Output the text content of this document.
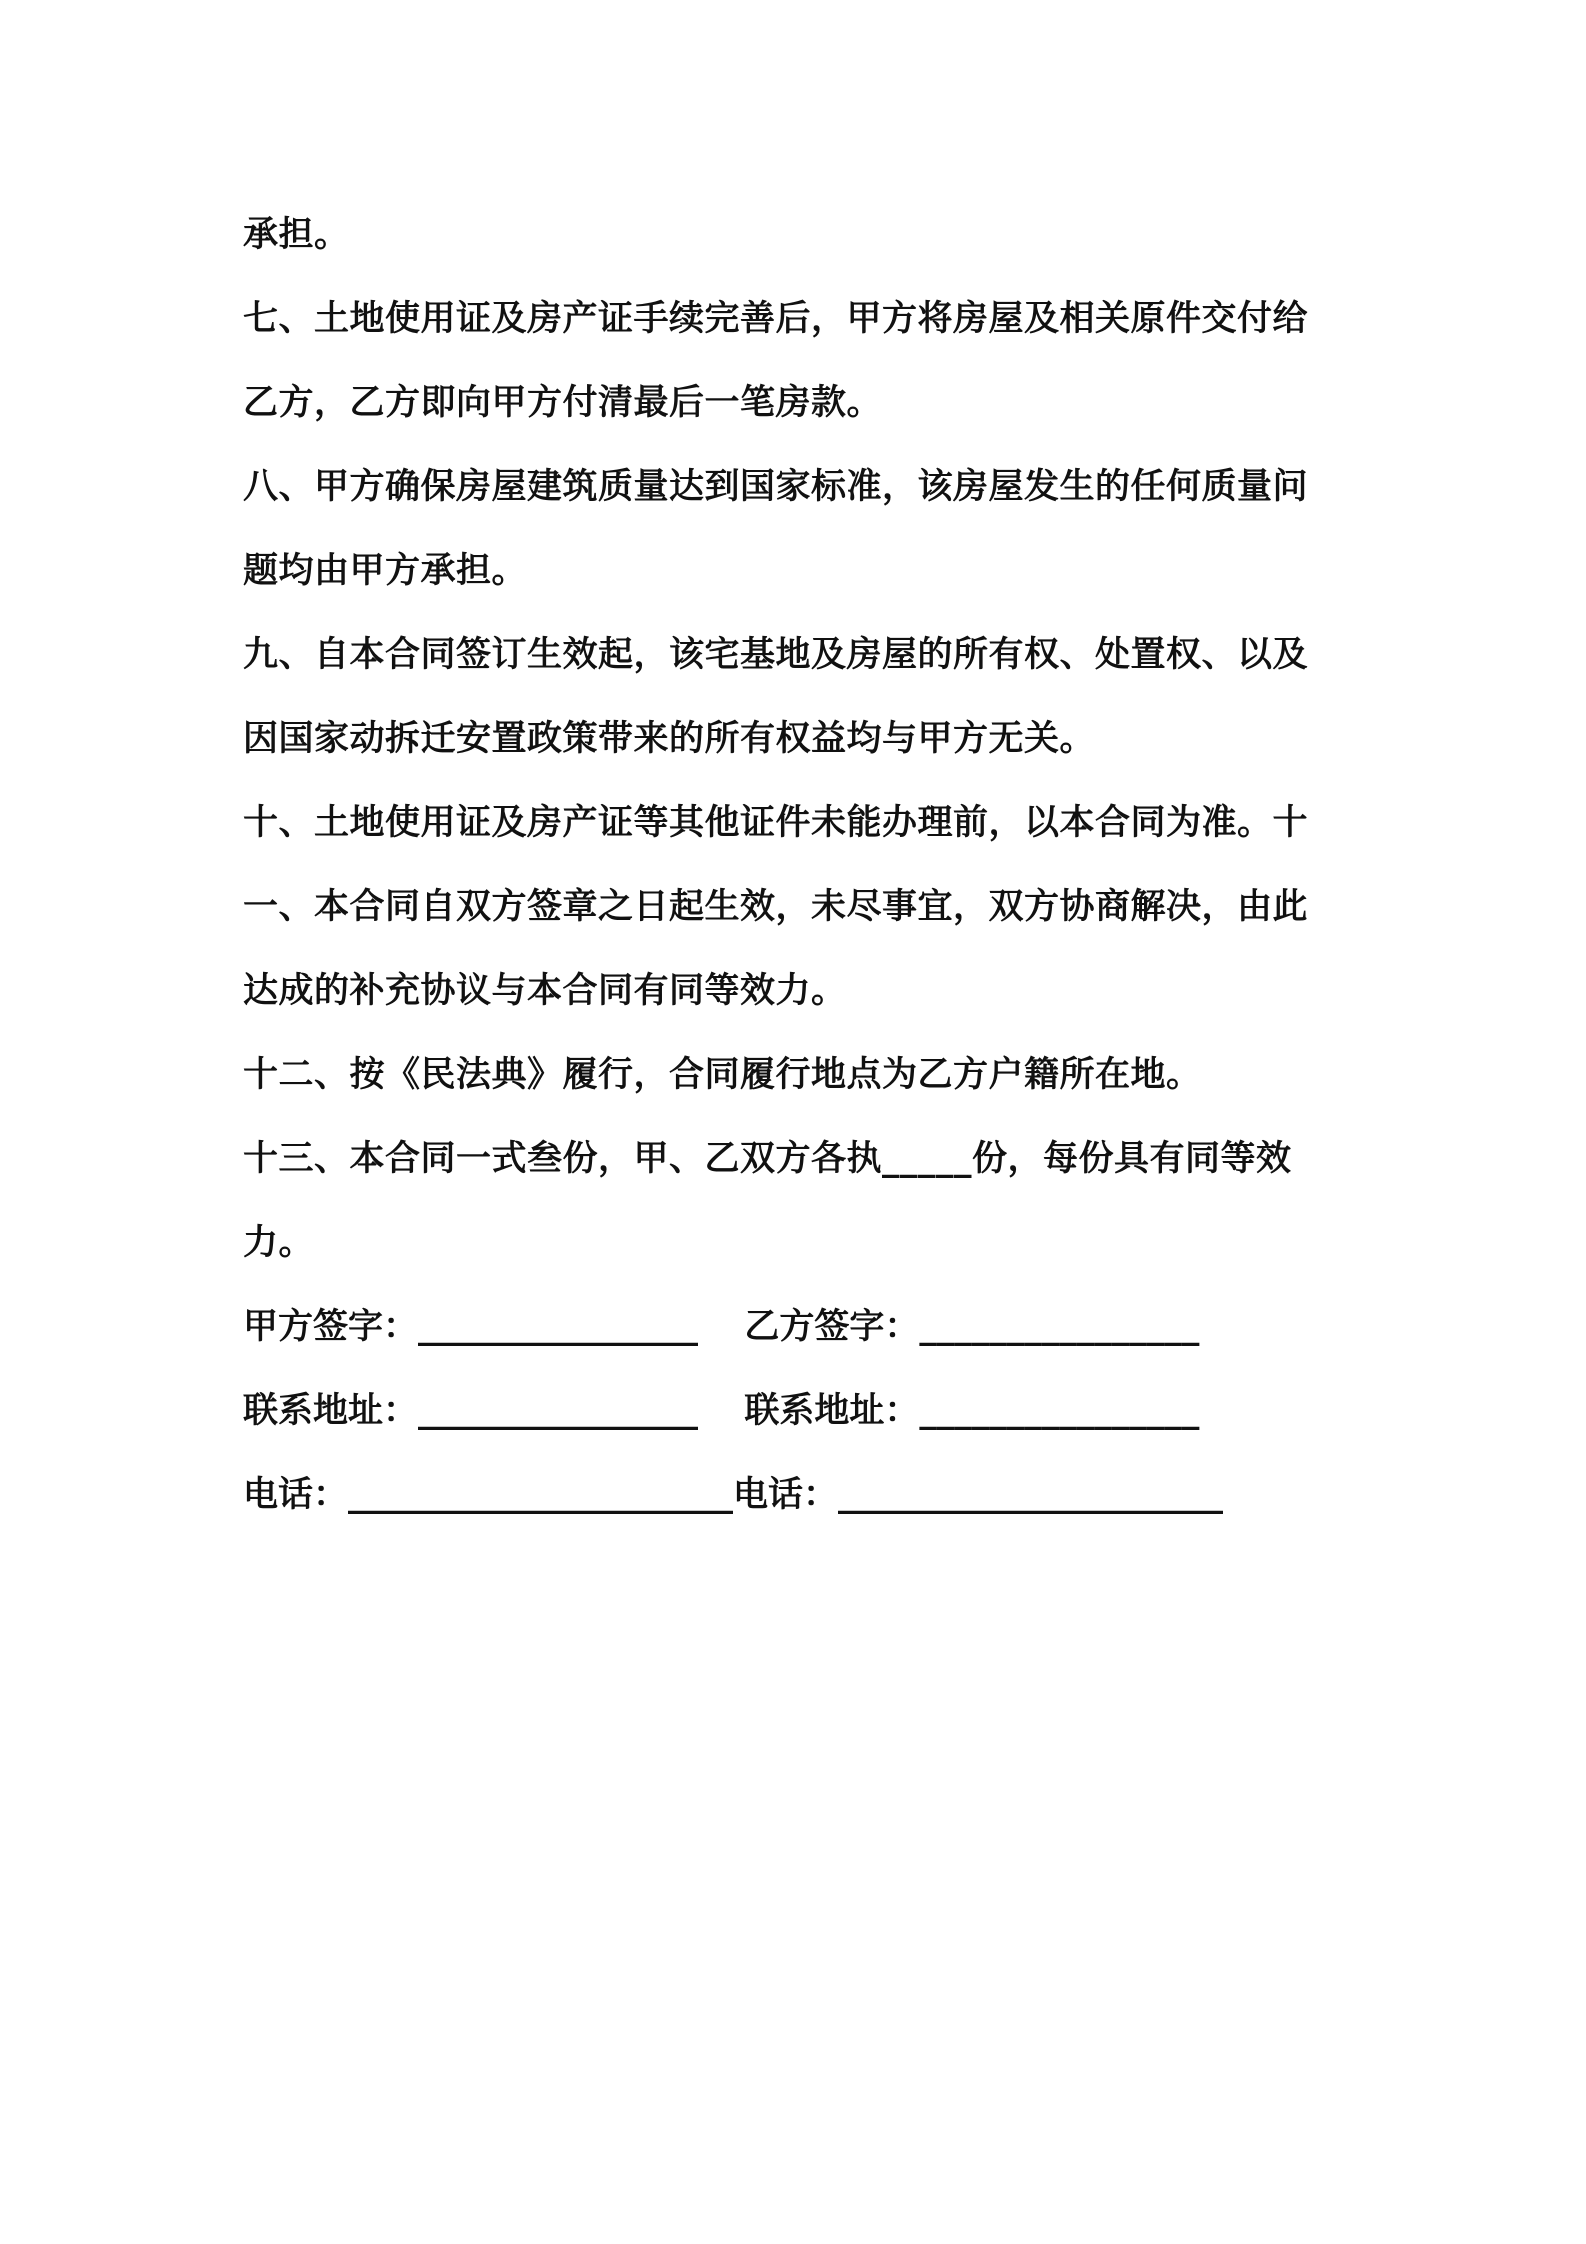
承担。
七、土地使用证及房产证手续完善后，甲方将房屋及相关原件交付给
乙方，乙方即向甲方付清最后一笔房款。
八、甲方确保房屋建筑质量达到国家标准，该房屋发生的任何质量问
题均由甲方承担。
九、自本合同签订生效起，该宅基地及房屋的所有权、处置权、以及
因国家动拆迁安置政策带来的所有权益均与甲方无关。
十、土地使用证及房产证等其他证件未能办理前，以本合同为准。十
一、本合同自双方签章之日起生效，未尽事宜，双方协商解决，由此
达成的补充协议与本合同有同等效力。
十二、按《民法典》履行，合同履行地点为乙方户籍所在地。
十三、本合同一式叁份，甲、乙双方各执_____份，每份具有同等效
力。
甲方签字：________________ 乙方签字：________________
联系地址：________________ 联系地址：________________
电话：______________________电话：______________________
